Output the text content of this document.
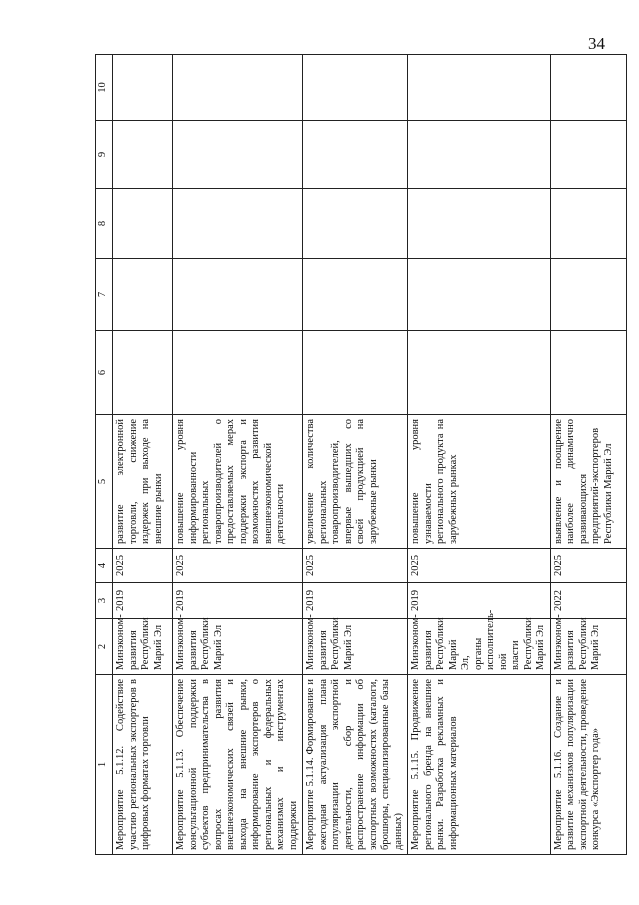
34
1	2	3	4	5	6	7	8	9	10
Мероприятие 5.1.12. Содействие участию региональных экспортеров в цифровых форматах торговли	Минэконом-развития Республики Марий Эл	2019	2025	развитие электронной торговли, снижение издержек при выходе на внешние рынки					
Мероприятие 5.1.13. Обеспечение консультационной поддержки субъектов предпринимательства в вопросах развития внешнеэкономических связей и выхода на внешние рынки, информирование экспортеров о региональных и федеральных механизмах и инструментах поддержки	Минэконом-развития Республики Марий Эл	2019	2025	повышение уровня информированности региональных товаропроизводителей о предоставляемых мерах поддержки экспорта и возможностях развития внешнеэкономической деятельности					
Мероприятие 5.1.14. Формирование и ежегодная актуализация плана популяризации экспортной деятельности, сбор и распространение информации об экспортных возможностях (каталоги, брошюры, специализированные базы данных)	Минэконом-развития Республики Марий Эл	2019	2025	увеличение количества региональных товаропроизводителей, впервые вышедших со своей продукцией на зарубежные рынки					
Мероприятие 5.1.15. Продвижение регионального бренда на внешние рынки. Разработка рекламных и информационных материалов	Минэконом-развития Республики Марий Эл, органы исполнитель-ной власти Республики Марий Эл	2019	2025	повышение уровня узнаваемости регионального продукта на зарубежных рынках					
Мероприятие 5.1.16. Создание и развитие механизмов популяризации экспортной деятельности, проведение конкурса «Экспортер года»	Минэконом-развития Республики Марий Эл	2022	2025	выявление и поощрение наиболее динамично развивающихся предприятий-экспортеров Республики Марий Эл					
